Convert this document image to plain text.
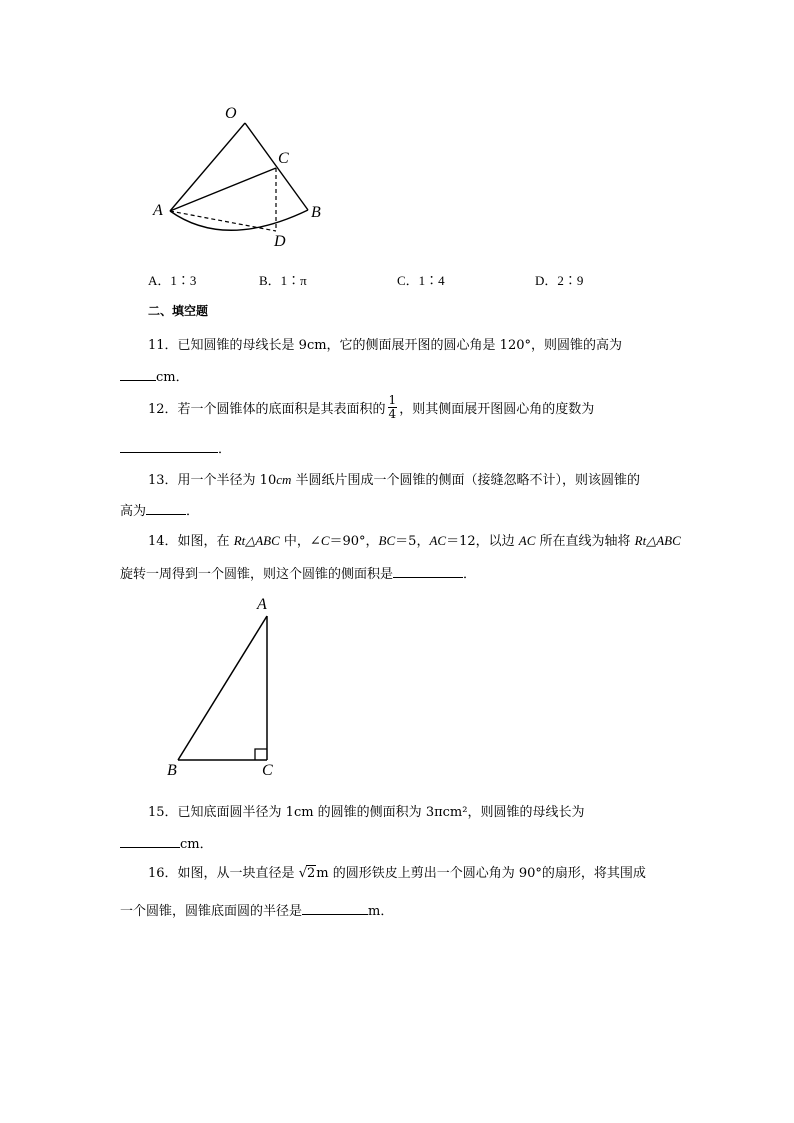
O
C
A	B
D
A．1∶3	B．1∶π	C．1∶4	D．2∶9
二、填空题
11．已知圆锥的母线长是 9cm，它的侧面展开图的圆心角是 120°，则圆锥的高为
cm．
12．若一个圆锥体的底面积是其表面积的 $\frac{1}{4}$ ，则其侧面展开图圆心角的度数为
．
13．用一个半径为 10cm 半圆纸片围成一个圆锥的侧面（接缝忽略不计），则该圆锥的
高为	．
14．如图，在 Rt△ABC 中，∠C＝90°，BC＝5，AC＝12，以边 AC 所在直线为轴将 Rt△ABC
旋转一周得到一个圆锥，则这个圆锥的侧面积是	．
A
B	C
15．已知底面圆半径为 1cm 的圆锥的侧面积为 3πcm²，则圆锥的母线长为
cm．
16．如图，从一块直径是 √2m 的圆形铁皮上剪出一个圆心角为 90°的扇形，将其围成
一个圆锥，圆锥底面圆的半径是	m．
